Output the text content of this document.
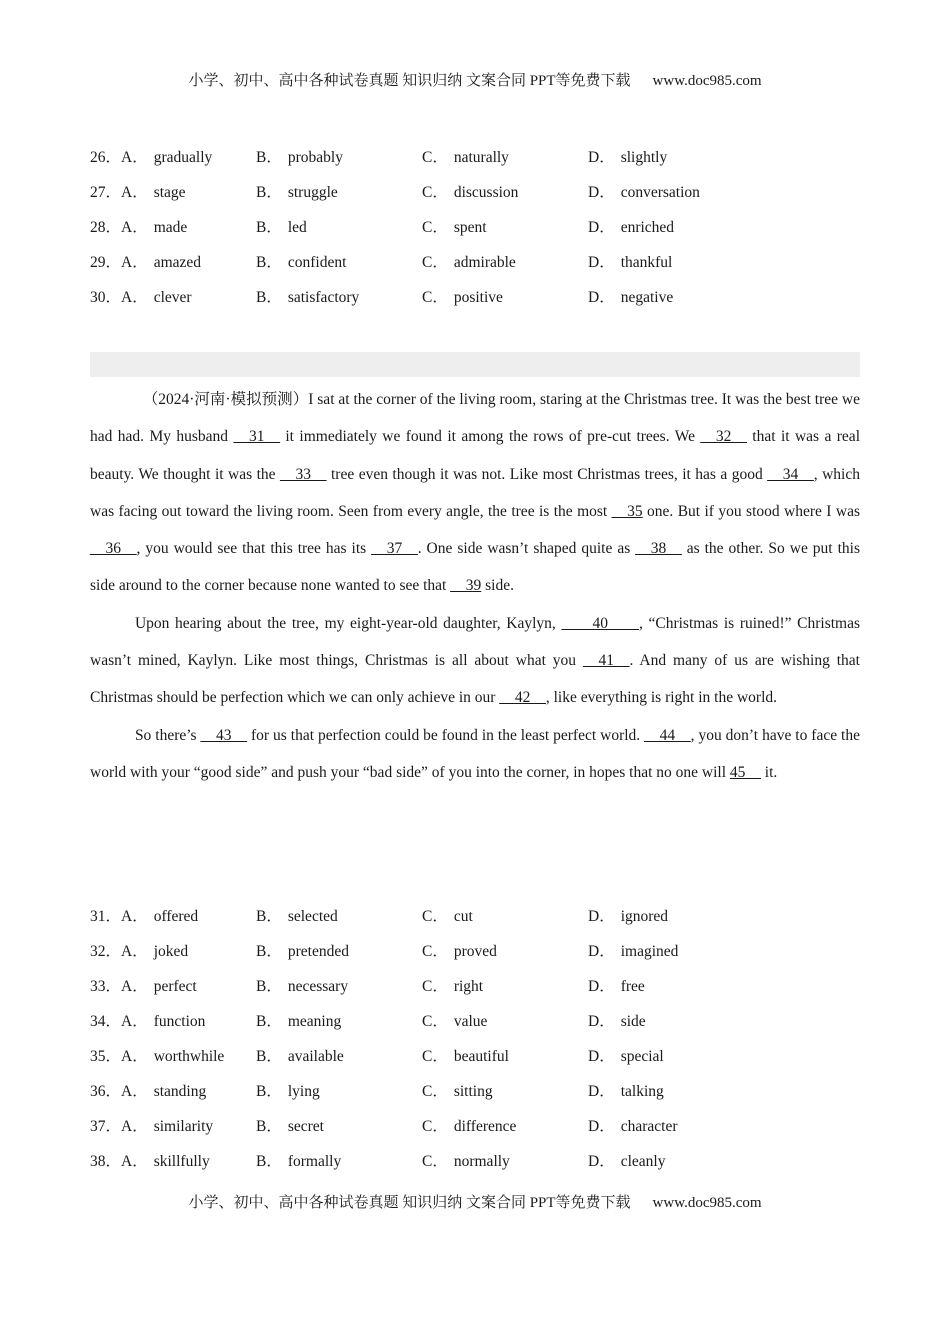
小学、初中、高中各种试卷真题 知识归纳 文案合同 PPT等免费下载 www.doc985.com
26．A． gradually	B． probably	C． naturally	D． slightly
27．A． stage	B． struggle	C． discussion	D． conversation
28．A． made	B． led	C． spent	D． enriched
29．A． amazed	B． confident	C． admirable	D． thankful
30．A． clever	B． satisfactory	C． positive	D． negative

（2024·河南·模拟预测）I sat at the corner of the living room, staring at the Christmas tree. It was the best tree we had had. My husband __31__ it immediately we found it among the rows of pre-cut trees. We __32__ that it was a real beauty. We thought it was the __33__ tree even though it was not. Like most Christmas trees, it has a good __34__, which was facing out toward the living room. Seen from every angle, the tree is the most __35 one. But if you stood where I was __36__, you would see that this tree has its __37__. One side wasn’t shaped quite as __38__ as the other. So we put this side around to the corner because none wanted to see that __39 side.

Upon hearing about the tree, my eight-year-old daughter, Kaylyn, ____40____, “Christmas is ruined!” Christmas wasn’t mined, Kaylyn. Like most things, Christmas is all about what you __41__. And many of us are wishing that Christmas should be perfection which we can only achieve in our __42__, like everything is right in the world.

So there’s __43__ for us that perfection could be found in the least perfect world. __44__, you don’t have to face the world with your “good side” and push your “bad side” of you into the corner, in hopes that no one will 45__ it.

31．A． offered	B． selected	C． cut	D． ignored
32．A． joked	B． pretended	C． proved	D． imagined
33．A． perfect	B． necessary	C． right	D． free
34．A． function	B． meaning	C． value	D． side
35．A． worthwhile B． available	C． beautiful	D． special
36．A． standing	B． lying	C． sitting	D． talking
37．A． similarity	B． secret	C． difference	D． character
38．A． skillfully	B． formally	C． normally	D． cleanly
小学、初中、高中各种试卷真题 知识归纳 文案合同 PPT等免费下载 www.doc985.com
